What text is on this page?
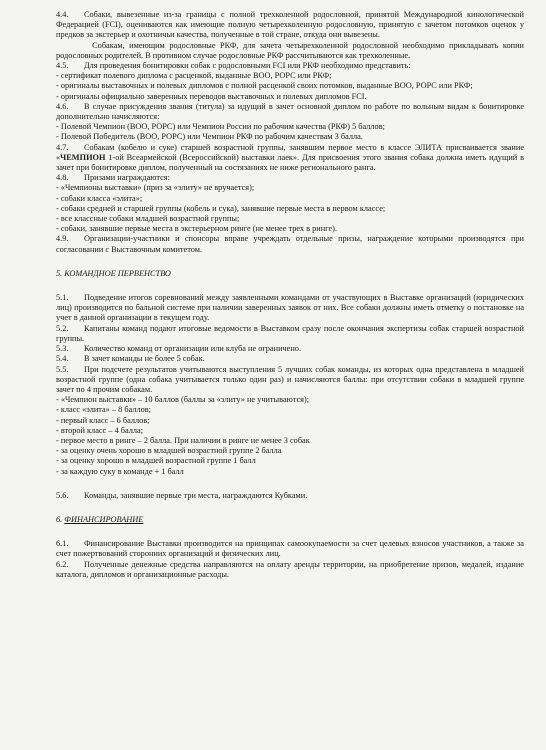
4.4. Собаки, вывезенные из-за границы с полной трехколенной родословной, принятой Международной кинологической Федерацией (FCI), оцениваются как имеющие полную четырехколенную родословную, принятую с зачетом потомков оценок у предков за экстерьер и охотничьи качества, полученные в той стране, откуда они вывезены.

Собакам, имеющим родословные РКФ, для зачета четырехколенной родословной необходимо прикладывать копии родословных родителей. В противном случае родословные РКФ рассчитываются как трехколенные.

4.5. Для проведения бонитировки собак с родословными FCI или РКФ необходимо представить:

- сертификат полевого диплома с расценкой, выданные ВОО, РОРС или РКФ;

- оригиналы выставочных и полевых дипломов с полной расценкой своих потомков, выданные ВОО, РОРС или РКФ;

- оригиналы официально заверенных переводов выставочных и полевых дипломов FCI.

4.6. В случае присуждения звания (титула) за идущий в зачет основной диплом по работе по вольным видам к бонитировке дополнительно начисляются:

- Полевой Чемпион (ВОО, РОРС) или Чемпион России по рабочим качества (РКФ) 5 баллов;

- Полевой Победитель (ВОО, РОРС) или Чемпион РКФ по рабочим качествам 3 балла.

4.7. Собакам (кобелю и суке) старшей возрастной группы, занявшим первое место в классе ЭЛИТА присваивается звание «ЧЕМПИОН 1-ой Всеармейской (Всероссийской) выставки лаек». Для присвоения этого звания собака должна иметь идущий в зачет при бонитировке диплом, полученный на состязаниях не ниже регионального ранга.

4.8. Призами награждаются:

- «Чемпионы выставки» (приз за «элиту» не вручается);

- собаки класса «элита»;

- собаки средней и старшей группы (кобель и сука), занявшие первые места в первом классе;

- все классные собаки младшей возрастной группы;

- собаки, занявшие первые места в экстерьерном ринге (не менее трех в ринге).

4.9. Организации-участники и спонсоры вправе учреждать отдельные призы, награждение которыми производятся при согласовании с Выставочным комитетом.

5. КОМАНДНОЕ ПЕРВЕНСТВО

5.1. Подведение итогов соревнований между заявленными командами от участвующих в Выставке организаций (юридических лиц) производится по бальной системе при наличии заверенных заявок от них. Все собаки должны иметь отметку о постановке на учет в данной организации в текущем году.

5.2. Капитаны команд подают итоговые ведомости в Выставком сразу после окончания экспертизы собак старшей возрастной группы.

5.3. Количество команд от организации или клуба не ограничено.

5.4. В зачет команды не более 5 собак.

5.5. При подсчете результатов учитываются выступления 5 лучших собак команды, из которых одна представлена в младшей возрастной группе (одна собака учитывается только один раз) и начисляются баллы: при отсутствии собаки в младшей группе зачет по 4 прочим собакам.

- «Чемпион выставки» – 10 баллов (баллы за «элиту» не учитываются);

- класс «элита» – 8 баллов;

- первый класс – 6 баллов;

- второй класс – 4 балла;

- первое место в ринге – 2 балла. При наличии в ринге не менее 3 собак

- за оценку очень хорошо в младшей возрастной группе 2 балла

- за оценку хорошо в младшей возрастной группе 1 балл

- за каждую суку в команде + 1 балл

5.6. Команды, занявшие первые три места, награждаются Кубками.

6. ФИНАНСИРОВАНИЕ

6.1. Финансирование Выставки производится на принципах самоокупаемости за счет целевых взносов участников, а также за счет пожертвований сторонних организаций и физических лиц.

6.2. Полученные денежные средства направляются на оплату аренды территории, на приобретение призов, медалей, издание каталога, дипломов и организационные расходы.
